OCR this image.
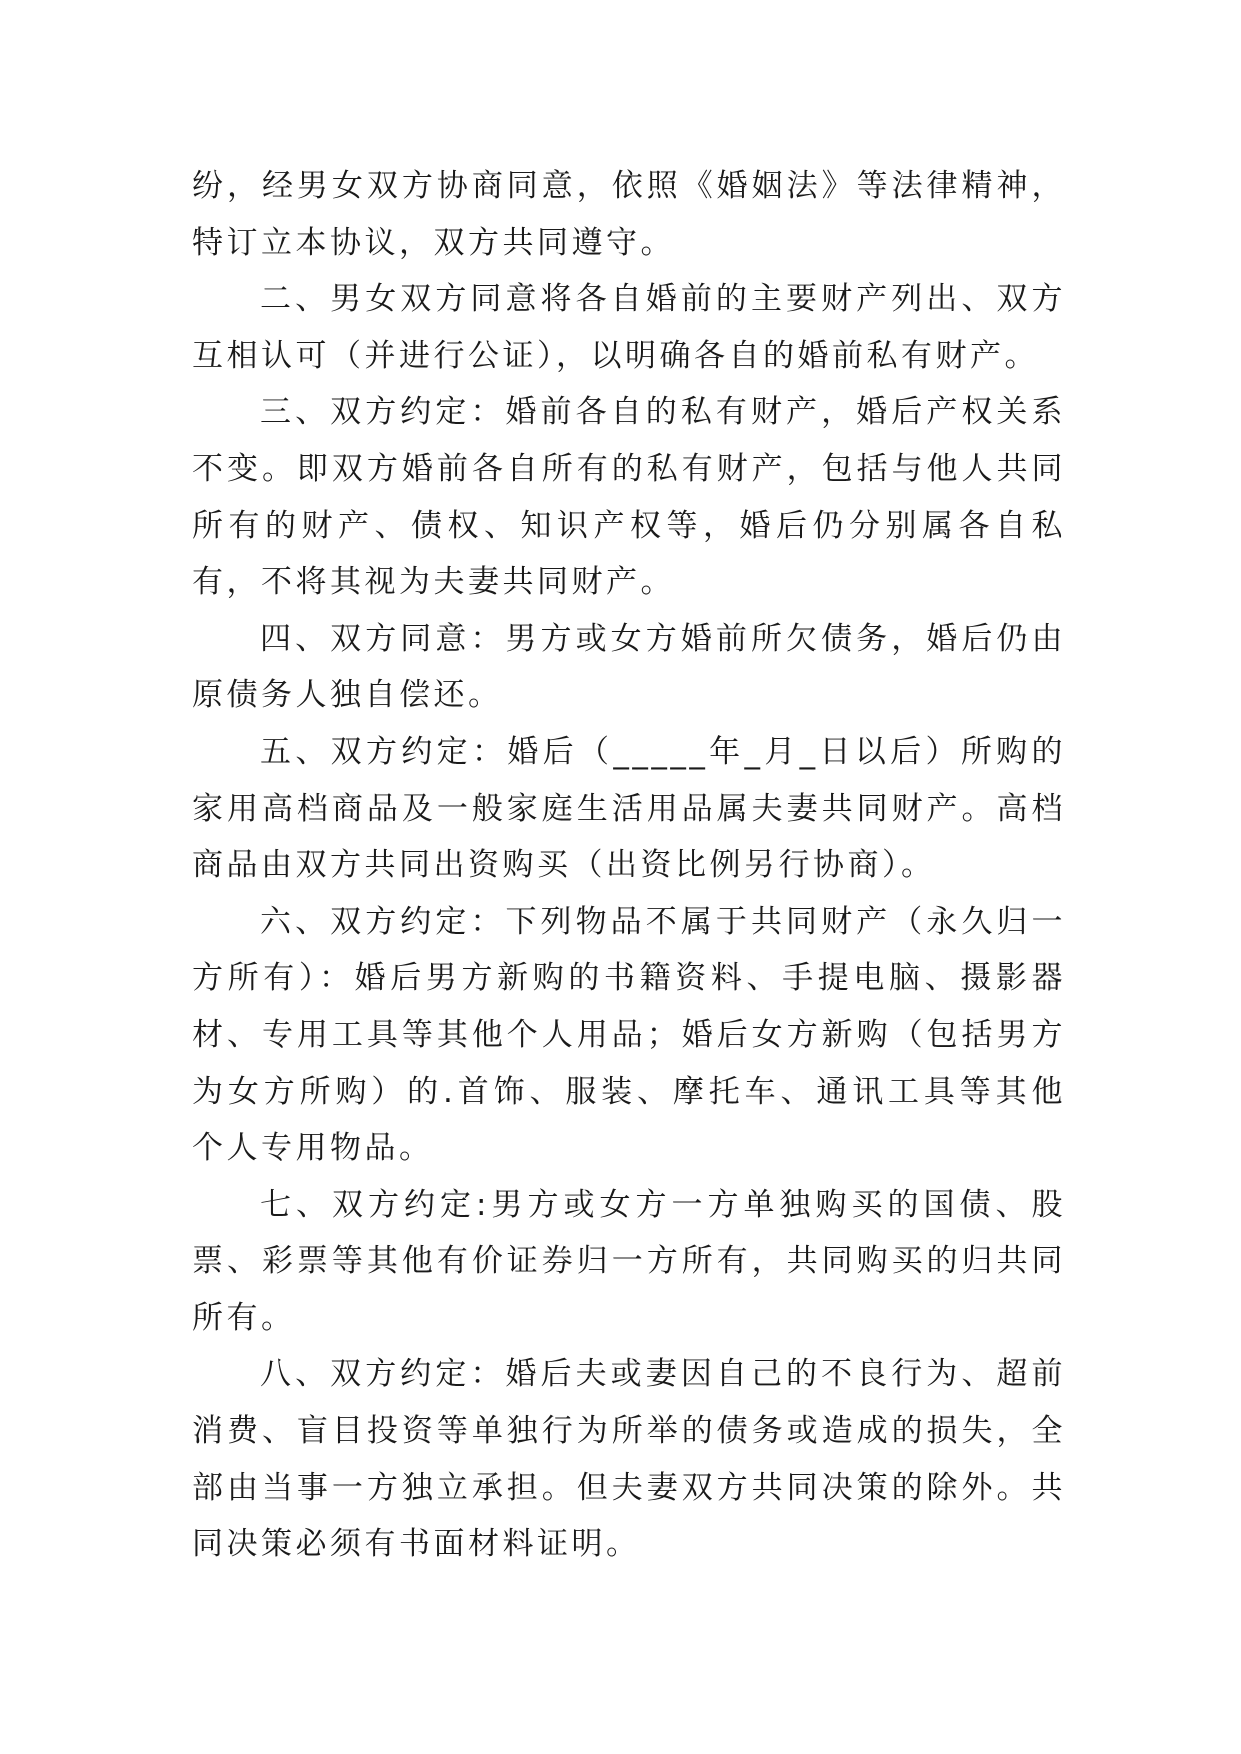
纷，经男女双方协商同意，依照《婚姻法》等法律精神，特订立本协议，双方共同遵守。

二、男女双方同意将各自婚前的主要财产列出、双方互相认可（并进行公证），以明确各自的婚前私有财产。

三、双方约定：婚前各自的私有财产，婚后产权关系不变。即双方婚前各自所有的私有财产，包括与他人共同所有的财产、债权、知识产权等，婚后仍分别属各自私有，不将其视为夫妻共同财产。

四、双方同意：男方或女方婚前所欠债务，婚后仍由原债务人独自偿还。

五、双方约定：婚后（_____年_月_日以后）所购的家用高档商品及一般家庭生活用品属夫妻共同财产。高档商品由双方共同出资购买（出资比例另行协商）。

六、双方约定：下列物品不属于共同财产（永久归一方所有）：婚后男方新购的书籍资料、手提电脑、摄影器材、专用工具等其他个人用品；婚后女方新购（包括男方为女方所购）的.首饰、服装、摩托车、通讯工具等其他个人专用物品。

七、双方约定:男方或女方一方单独购买的国债、股票、彩票等其他有价证券归一方所有，共同购买的归共同所有。

八、双方约定：婚后夫或妻因自己的不良行为、超前消费、盲目投资等单独行为所举的债务或造成的损失，全部由当事一方独立承担。但夫妻双方共同决策的除外。共同决策必须有书面材料证明。
